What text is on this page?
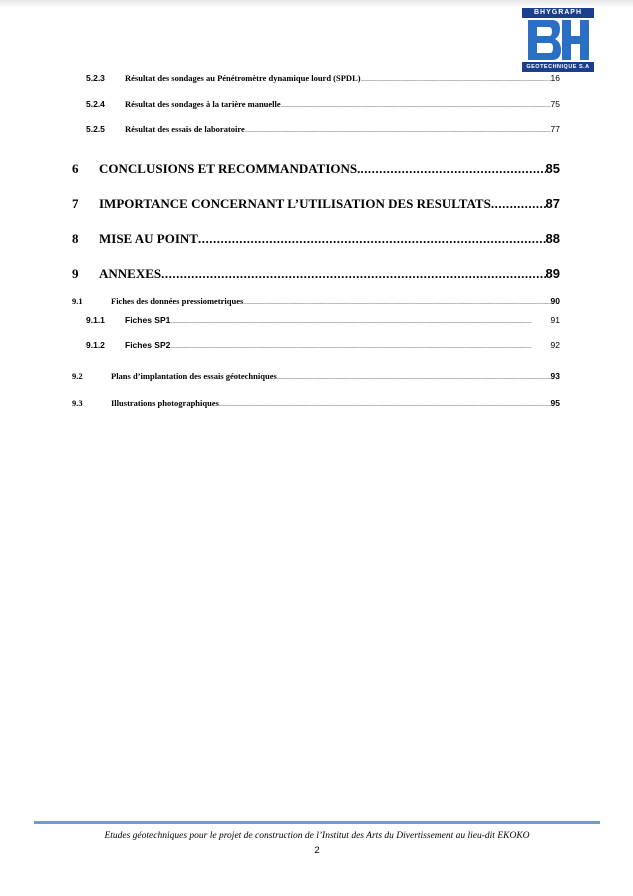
BHYGRAPH
GEOTECHNIQUE S.A
5.2.3	Résultat des sondages au Pénétromètre dynamique lourd (SPDL) .....	16
5.2.4	Résultat des sondages à la tarière manuelle .....	75
5.2.5	Résultat des essais de laboratoire .....	77
6	CONCLUSIONS ET RECOMMANDATIONS. .....	85
7	IMPORTANCE CONCERNANT L’UTILISATION DES RESULTATS .....	87
8	MISE AU POINT .....	88
9	ANNEXES .....	89
9.1	Fiches des données pressiometriques .....	90
9.1.1	Fiches SP1 .....	91
9.1.2	Fiches SP2 .....	92
9.2	Plans d’implantation des essais géotechniques .....	93
9.3	Illustrations photographiques .....	95
Etudes géotechniques pour le projet de construction de l’Institut des Arts du Divertissement au lieu-dit EKOKO
2
